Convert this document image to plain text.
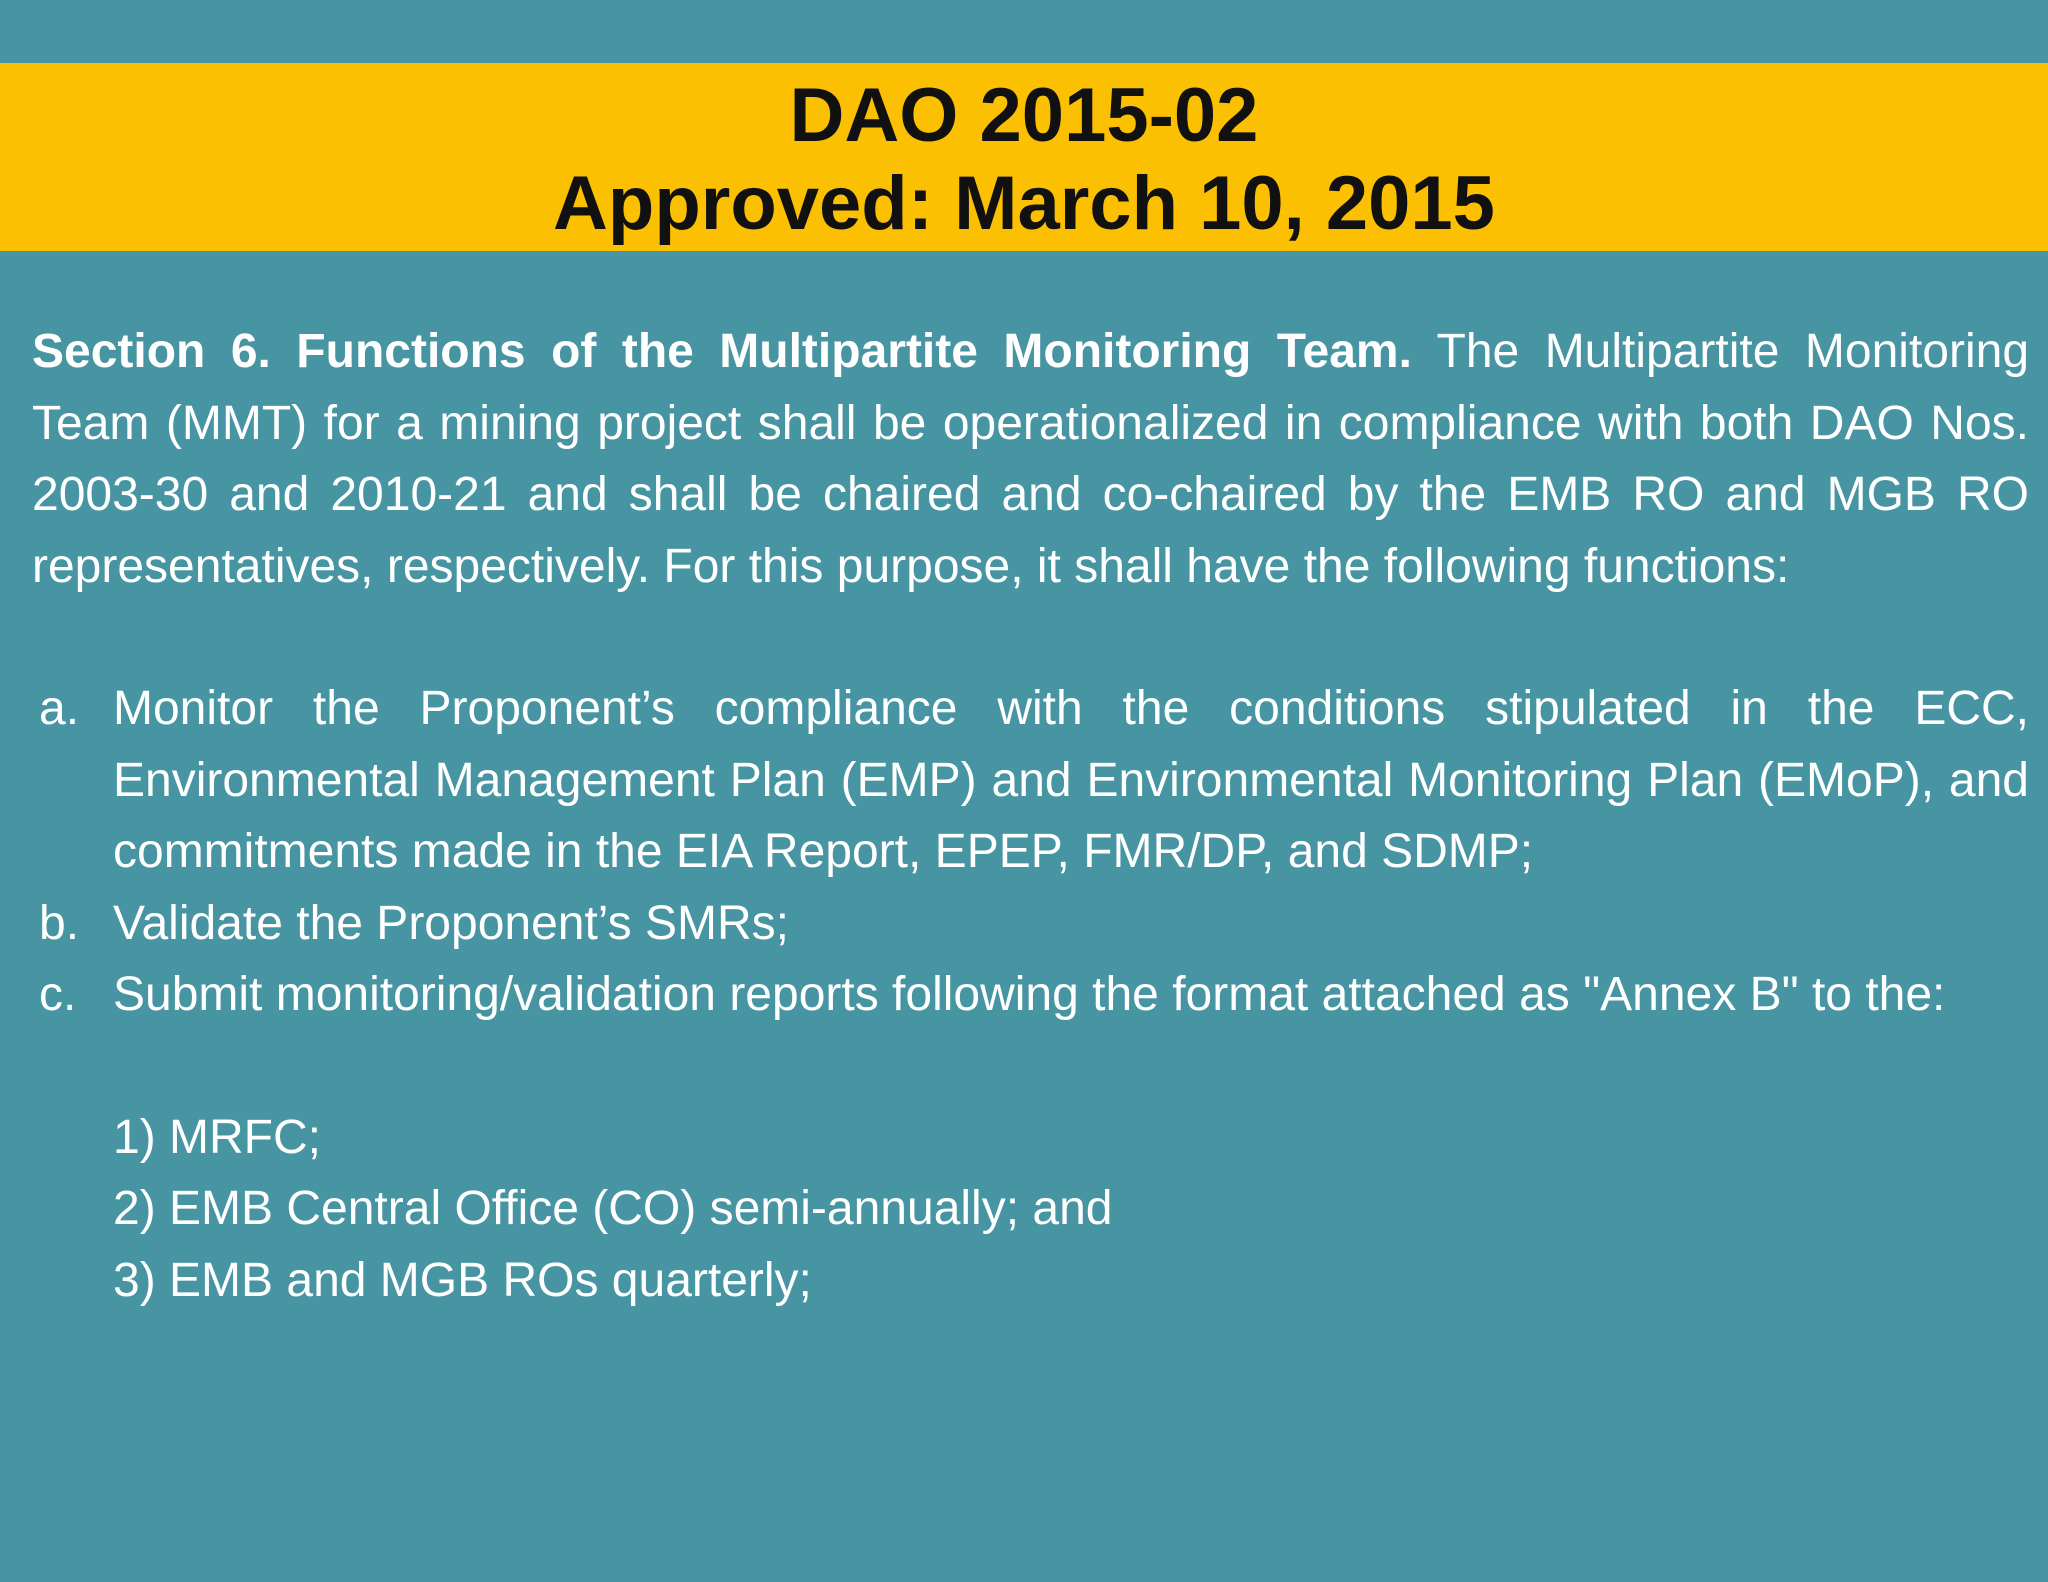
DAO 2015-02
Approved: March 10, 2015

Section 6. Functions of the Multipartite Monitoring Team. The Multipartite Monitoring Team (MMT) for a mining project shall be operationalized in compliance with both DAO Nos. 2003-30 and 2010-21 and shall be chaired and co-chaired by the EMB RO and MGB RO representatives, respectively. For this purpose, it shall have the following functions:

a. Monitor the Proponent’s compliance with the conditions stipulated in the ECC, Environmental Management Plan (EMP) and Environmental Monitoring Plan (EMoP), and commitments made in the EIA Report, EPEP, FMR/DP, and SDMP;
b. Validate the Proponent’s SMRs;
c. Submit monitoring/validation reports following the format attached as "Annex B" to the:
1) MRFC;
2) EMB Central Office (CO) semi-annually; and
3) EMB and MGB ROs quarterly;
